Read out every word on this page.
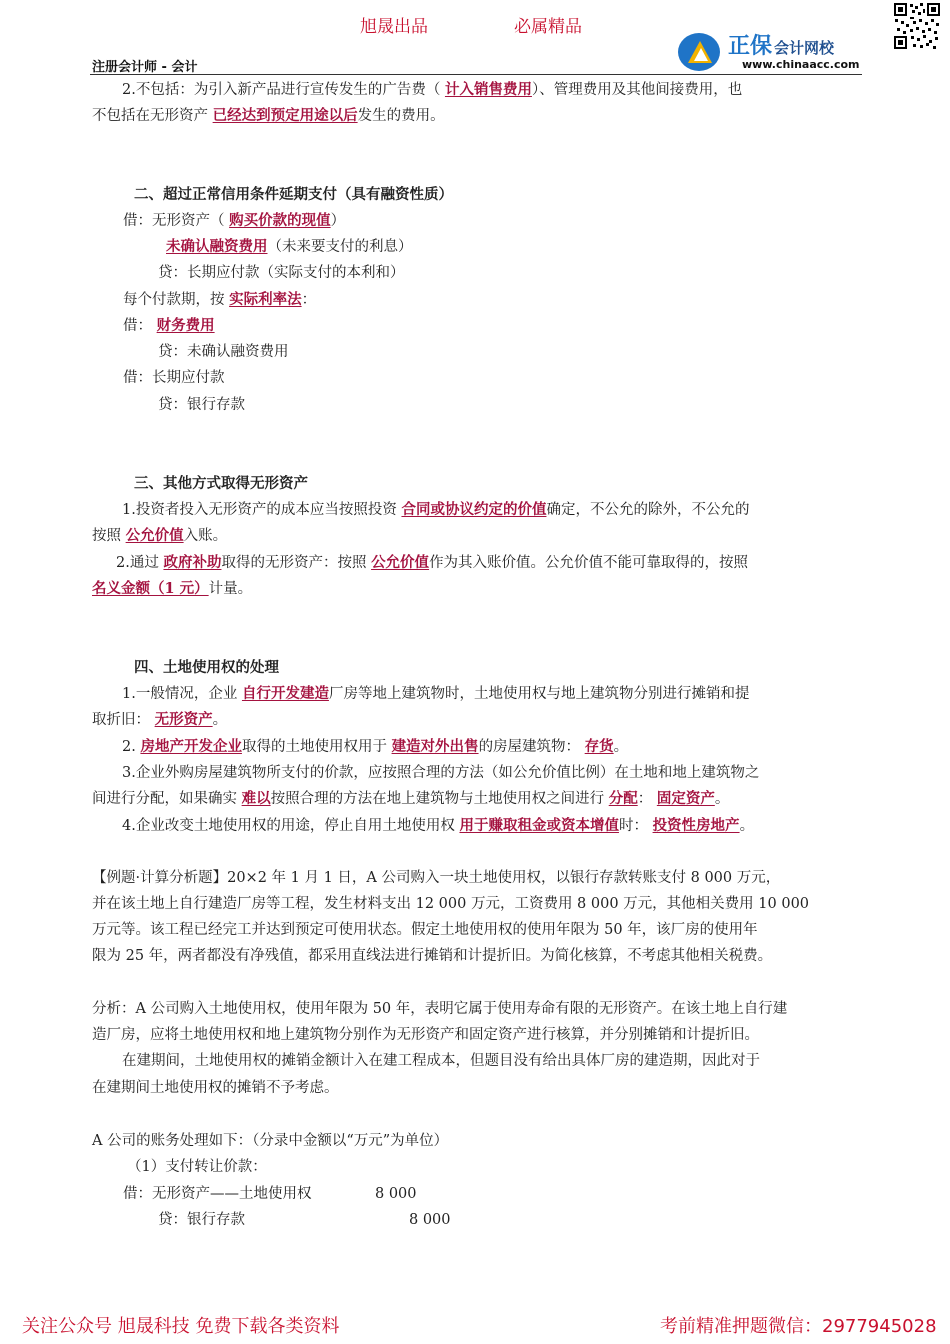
旭晟出品	必属精品
正保 会计网校
www.chinaacc.com
注册会计师 - 会计
2.不包括：为引入新产品进行宣传发生的广告费（ 计入销售费用）、管理费用及其他间接费用，也
不包括在无形资产 已经达到预定用途以后发生的费用。
二、超过正常信用条件延期支付（具有融资性质）
借：无形资产（ 购买价款的现值）
未确认融资费用（未来要支付的利息）
贷：长期应付款（实际支付的本利和）
每个付款期，按 实际利率法：
借： 财务费用
贷：未确认融资费用
借：长期应付款
贷：银行存款
三、其他方式取得无形资产
1.投资者投入无形资产的成本应当按照投资 合同或协议约定的价值确定，不公允的除外，不公允的
按照 公允价值入账。
2.通过 政府补助取得的无形资产：按照 公允价值作为其入账价值。公允价值不能可靠取得的，按照
名义金额（1 元）计量。
四、土地使用权的处理
1.一般情况，企业 自行开发建造厂房等地上建筑物时，土地使用权与地上建筑物分别进行摊销和提
取折旧： 无形资产。
2. 房地产开发企业取得的土地使用权用于 建造对外出售的房屋建筑物： 存货。
3.企业外购房屋建筑物所支付的价款，应按照合理的方法（如公允价值比例）在土地和地上建筑物之
间进行分配，如果确实 难以按照合理的方法在地上建筑物与土地使用权之间进行 分配： 固定资产。
4.企业改变土地使用权的用途，停止自用土地使用权 用于赚取租金或资本增值时： 投资性房地产。
【例题·计算分析题】20×2 年 1 月 1 日，A 公司购入一块土地使用权，以银行存款转账支付 8 000 万元，
并在该土地上自行建造厂房等工程，发生材料支出 12 000 万元，工资费用 8 000 万元，其他相关费用 10 000
万元等。该工程已经完工并达到预定可使用状态。假定土地使用权的使用年限为 50 年，该厂房的使用年
限为 25 年，两者都没有净残值，都采用直线法进行摊销和计提折旧。为简化核算，不考虑其他相关税费。
分析：A 公司购入土地使用权，使用年限为 50 年，表明它属于使用寿命有限的无形资产。在该土地上自行建
造厂房，应将土地使用权和地上建筑物分别作为无形资产和固定资产进行核算，并分别摊销和计提折旧。
在建期间，土地使用权的摊销金额计入在建工程成本，但题目没有给出具体厂房的建造期，因此对于
在建期间土地使用权的摊销不予考虑。
A 公司的账务处理如下：（分录中金额以“万元”为单位）
（1）支付转让价款：
借：无形资产——土地使用权	8 000
贷：银行存款	8 000
关注公众号 旭晟科技 免费下载各类资料	考前精准押题微信：2977945028
